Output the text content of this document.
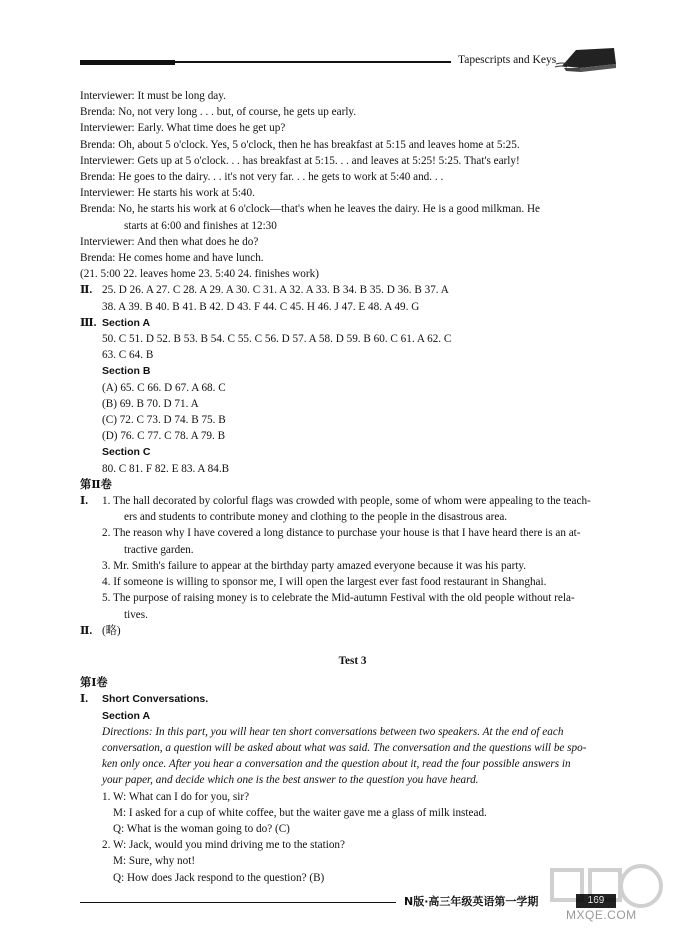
Tapescripts and Keys
Interviewer: It must be long day.
Brenda: No, not very long . . . but, of course, he gets up early.
Interviewer: Early. What time does he get up?
Brenda: Oh, about 5 o'clock. Yes, 5 o'clock, then he has breakfast at 5:15 and leaves home at 5:25.
Interviewer: Gets up at 5 o'clock. . . has breakfast at 5:15. . . and leaves at 5:25! 5:25. That's early!
Brenda: He goes to the dairy. . . it's not very far. . . he gets to work at 5:40 and. . .
Interviewer: He starts his work at 5:40.
Brenda: No, he starts his work at 6 o'clock—that's when he leaves the dairy. He is a good milkman. He
starts at 6:00 and finishes at 12:30
Interviewer: And then what does he do?
Brenda: He comes home and have lunch.
(21. 5:00 22. leaves home 23. 5:40 24. finishes work)
Ⅱ. 25. D 26. A 27. C 28. A 29. A 30. C 31. A 32. A 33. B 34. B 35. D 36. B 37. A
38. A 39. B 40. B 41. B 42. D 43. F 44. C 45. H 46. J 47. E 48. A 49. G
Ⅲ. Section A
50. C 51. D 52. B 53. B 54. C 55. C 56. D 57. A 58. D 59. B 60. C 61. A 62. C
63. C 64. B
Section B
(A) 65. C 66. D 67. A 68. C
(B) 69. B 70. D 71. A
(C) 72. C 73. D 74. B 75. B
(D) 76. C 77. C 78. A 79. B
Section C
80. C 81. F 82. E 83. A 84.B
第Ⅱ卷
Ⅰ. 1. The hall decorated by colorful flags was crowded with people, some of whom were appealing to the teach-
ers and students to contribute money and clothing to the people in the disastrous area.
2. The reason why I have covered a long distance to purchase your house is that I have heard there is an at-
tractive garden.
3. Mr. Smith's failure to appear at the birthday party amazed everyone because it was his party.
4. If someone is willing to sponsor me, I will open the largest ever fast food restaurant in Shanghai.
5. The purpose of raising money is to celebrate the Mid-autumn Festival with the old people without rela-
tives.
Ⅱ. (略)
Test 3
第Ⅰ卷
Ⅰ. Short Conversations.
Section A
Directions: In this part, you will hear ten short conversations between two speakers. At the end of each
conversation, a question will be asked about what was said. The conversation and the questions will be spo-
ken only once. After you hear a conversation and the question about it, read the four possible answers in
your paper, and decide which one is the best answer to the question you have heard.
1. W: What can I do for you, sir?
M: I asked for a cup of white coffee, but the waiter gave me a glass of milk instead.
Q: What is the woman going to do? (C)
2. W: Jack, would you mind driving me to the station?
M: Sure, why not!
Q: How does Jack respond to the question? (B)
N版·高三年级英语第一学期	169
MXQE.COM
